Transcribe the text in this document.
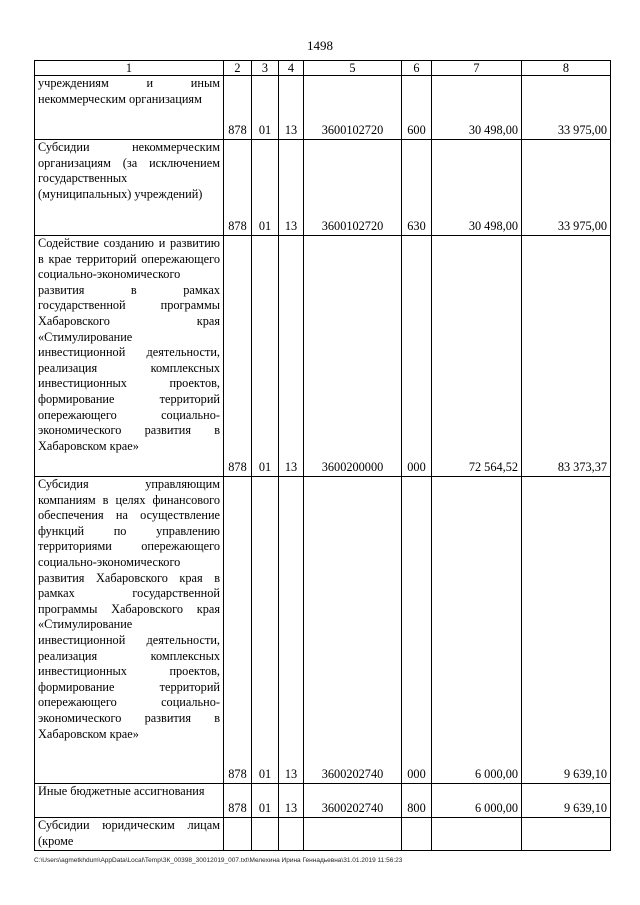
1498
1	2	3	4	5	6	7	8
учреждениям и иным некоммерческим организациям	878	01	13	3600102720	600	30 498,00	33 975,00
Субсидии некоммерческим организациям (за исключением государственных (муниципальных) учреждений)	878	01	13	3600102720	630	30 498,00	33 975,00
Содействие созданию и развитию в крае территорий опережающего социально-экономического развития в рамках государственной программы Хабаровского края «Стимулирование инвестиционной деятельности, реализация комплексных инвестиционных проектов, формирование территорий опережающего социально-экономического развития в Хабаровском крае»	878	01	13	3600200000	000	72 564,52	83 373,37
Субсидия управляющим компаниям в целях финансового обеспечения на осуществление функций по управлению территориями опережающего социально-экономического развития Хабаровского края в рамках государственной программы Хабаровского края «Стимулирование инвестиционной деятельности, реализация комплексных инвестиционных проектов, формирование территорий опережающего социально-экономического развития в Хабаровском крае»	878	01	13	3600202740	000	6 000,00	9 639,10
Иные бюджетные ассигнования	878	01	13	3600202740	800	6 000,00	9 639,10
Субсидии юридическим лицам (кроме							
C:\Users\agmetkhdum\AppData\Local\Temp\ЗК_00398_30012019_007.txt\Мелехина Ирина Геннадьевна\31.01.2019 11:56:23
